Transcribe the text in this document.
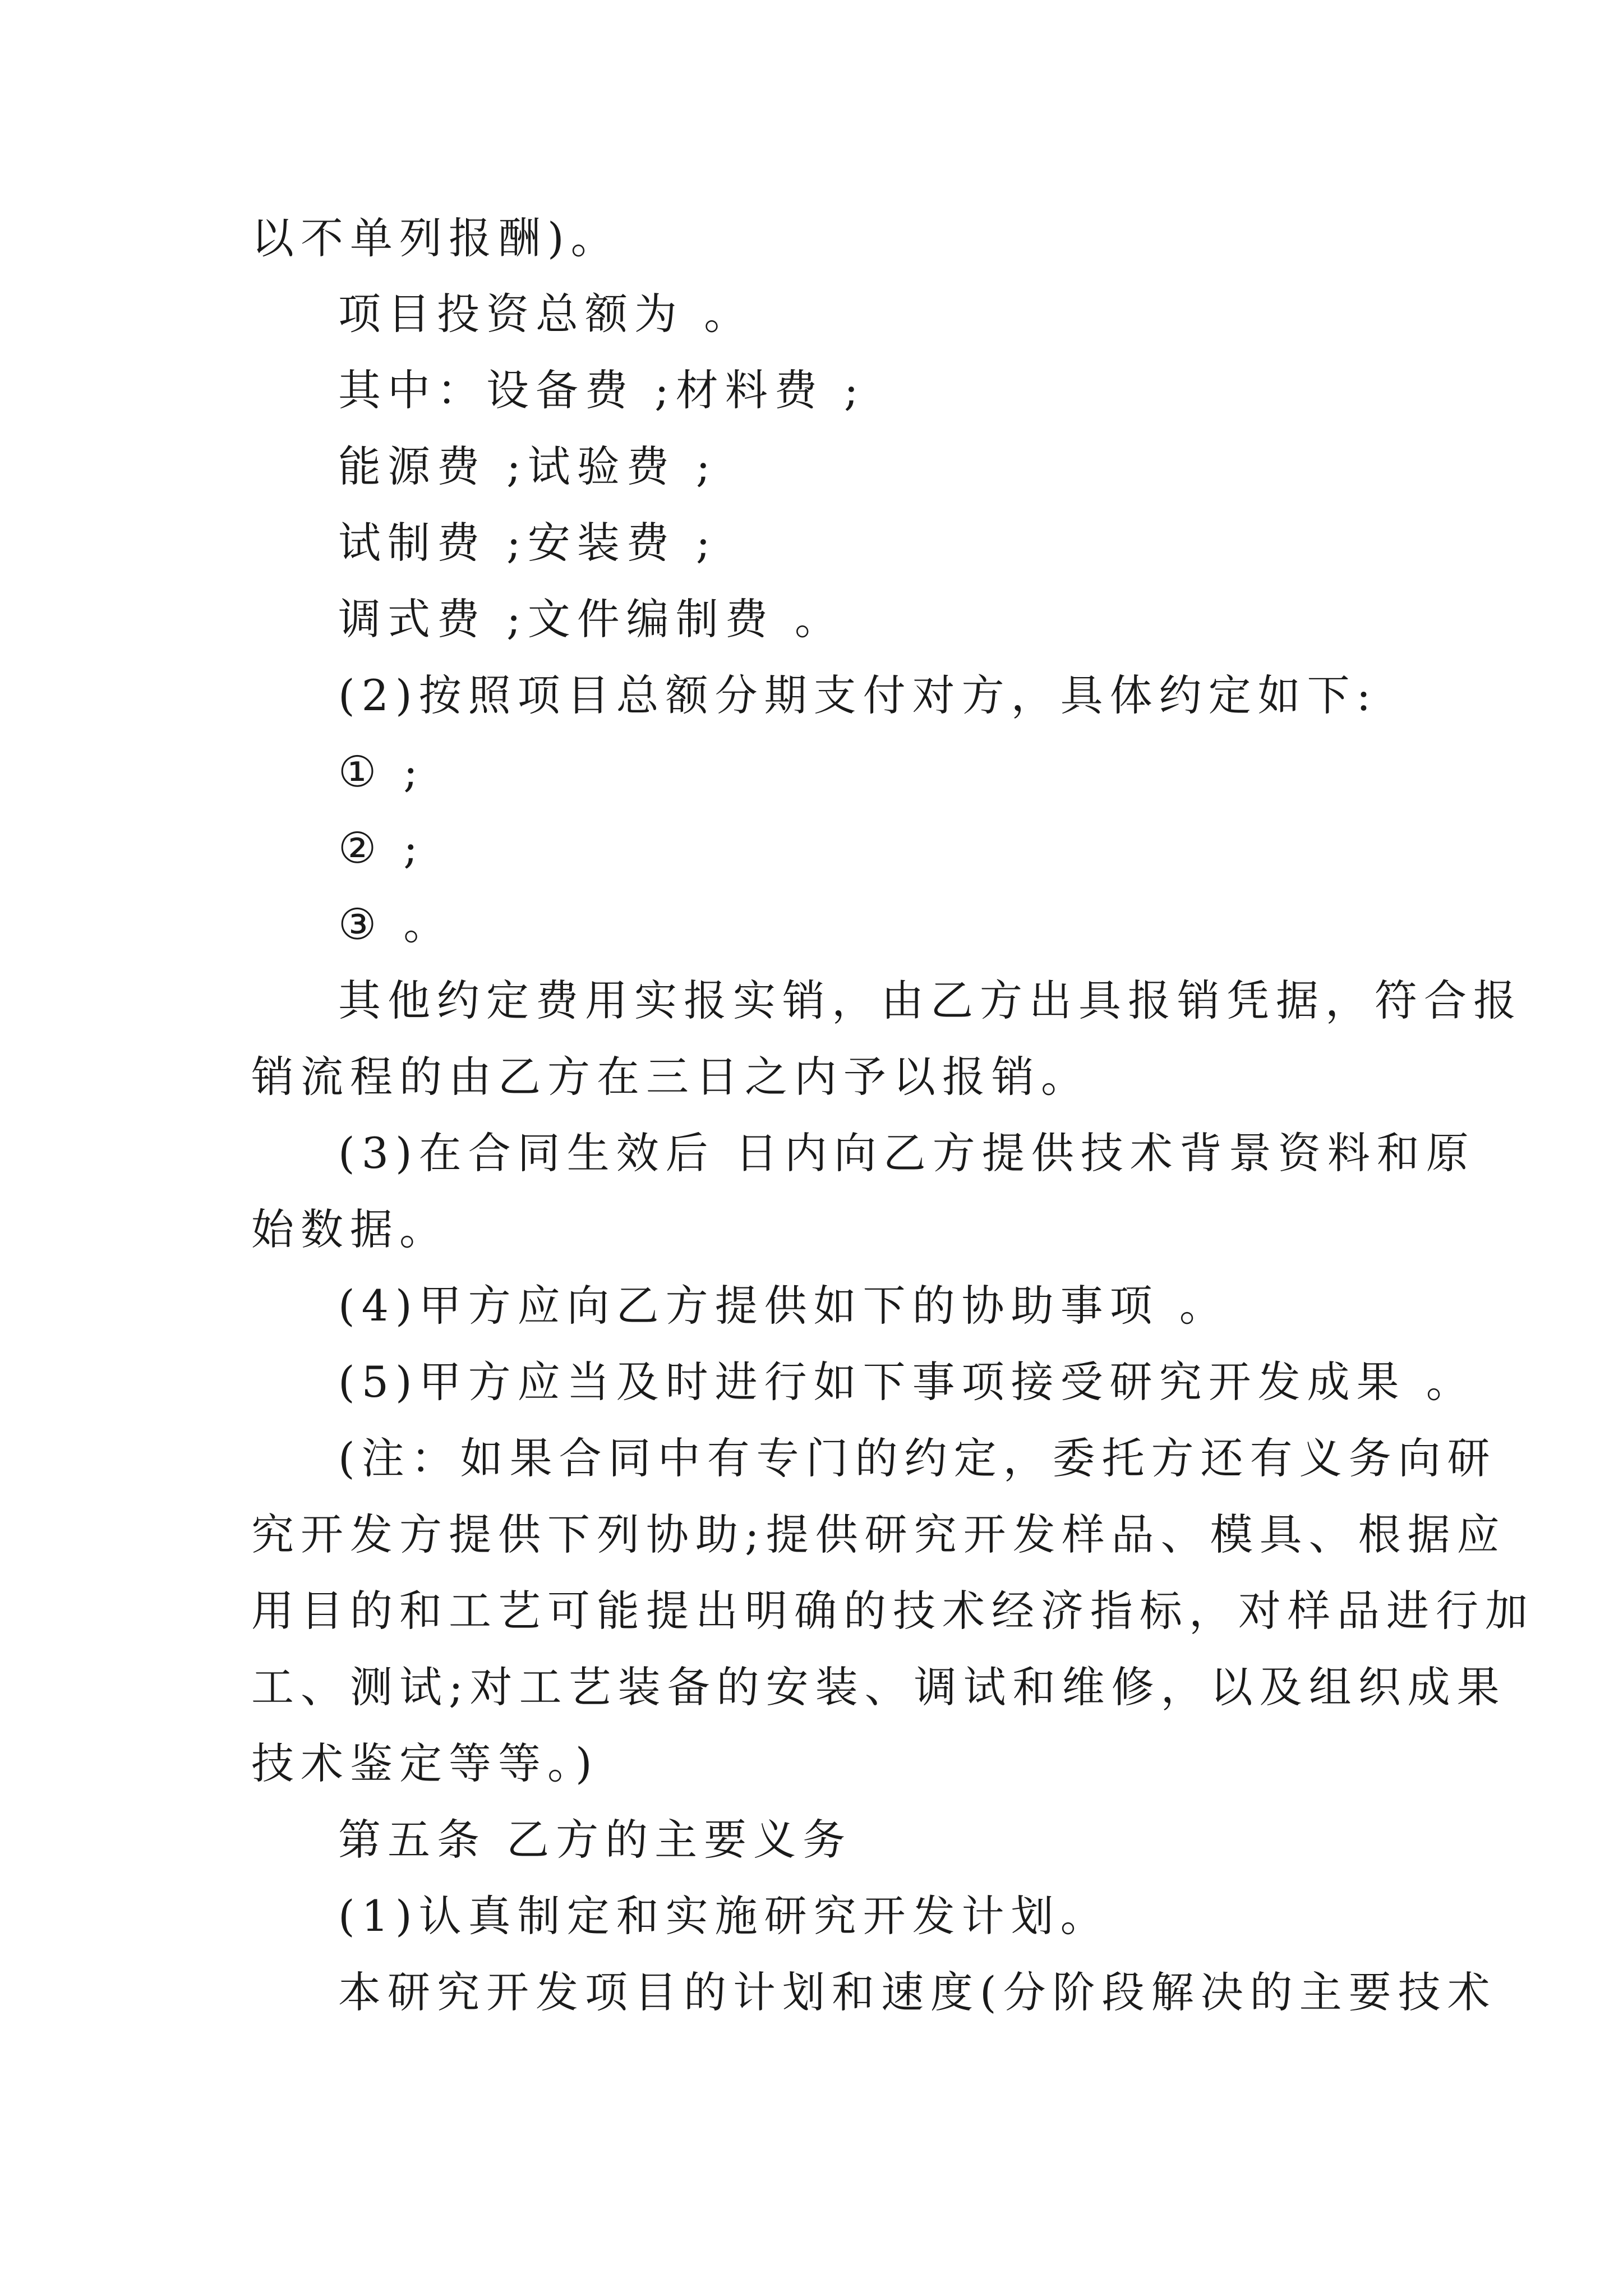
以不单列报酬)。
项目投资总额为 。
其中：设备费 ;材料费 ;
能源费 ;试验费 ;
试制费 ;安装费 ;
调式费 ;文件编制费 。
(2)按照项目总额分期支付对方，具体约定如下:
① ;
② ;
③ 。
其他约定费用实报实销，由乙方出具报销凭据，符合报
销流程的由乙方在三日之内予以报销。
(3)在合同生效后 日内向乙方提供技术背景资料和原
始数据。
(4)甲方应向乙方提供如下的协助事项 。
(5)甲方应当及时进行如下事项接受研究开发成果 。
(注：如果合同中有专门的约定，委托方还有义务向研
究开发方提供下列协助;提供研究开发样品、模具、根据应
用目的和工艺可能提出明确的技术经济指标，对样品进行加
工、测试;对工艺装备的安装、调试和维修，以及组织成果
技术鉴定等等。)
第五条 乙方的主要义务
(1)认真制定和实施研究开发计划。
本研究开发项目的计划和速度(分阶段解决的主要技术
